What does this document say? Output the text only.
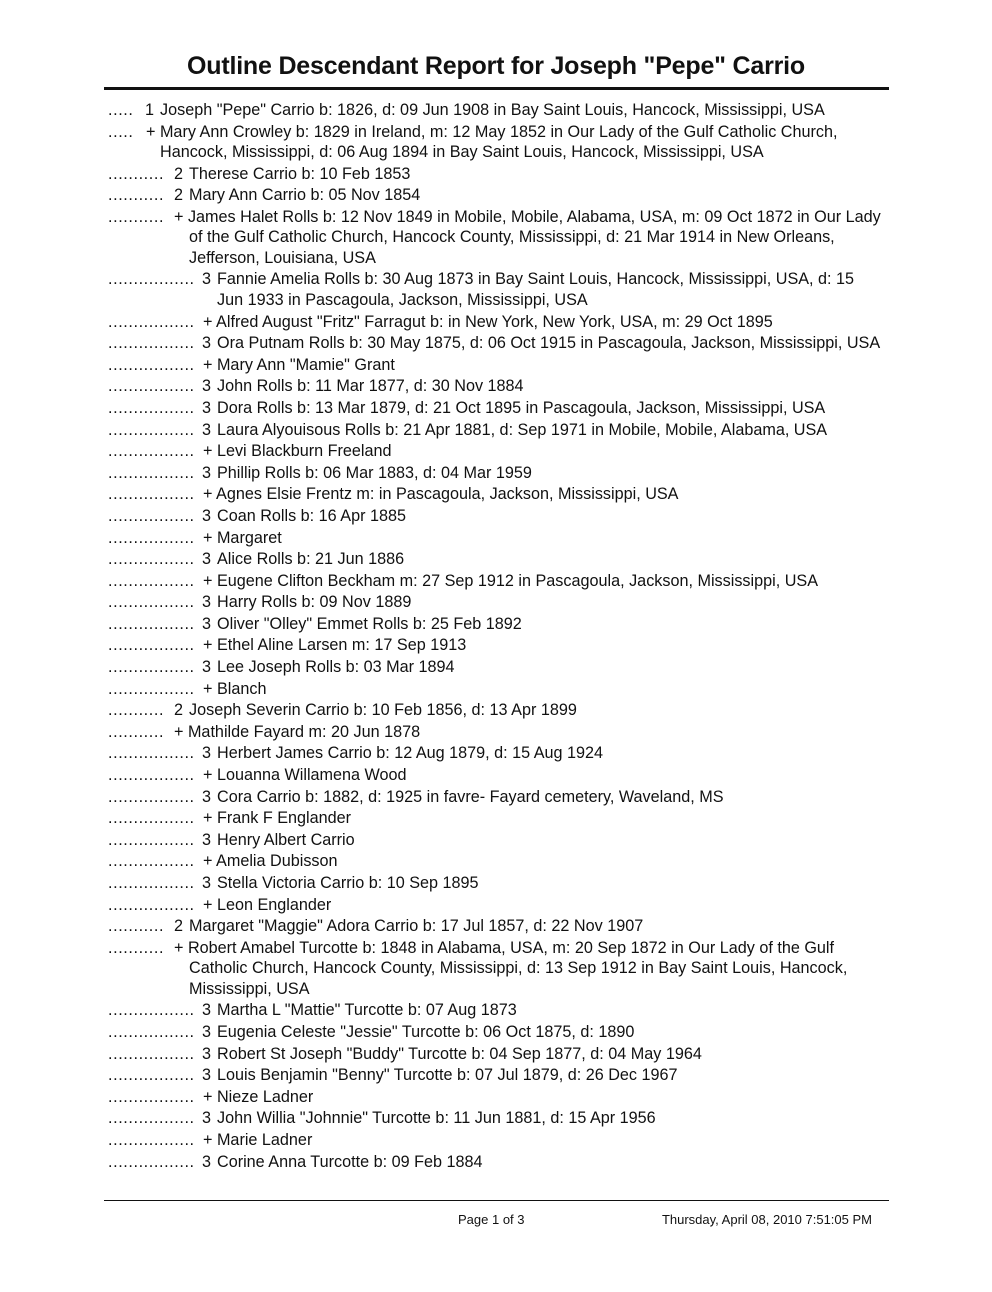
Outline Descendant Report for Joseph "Pepe" Carrio
..... 1 Joseph "Pepe" Carrio b: 1826, d: 09 Jun 1908 in Bay Saint Louis, Hancock, Mississippi, USA
..... + Mary Ann Crowley b: 1829 in Ireland, m: 12 May 1852 in Our Lady of the Gulf Catholic Church, Hancock, Mississippi, d: 06 Aug 1894 in Bay Saint Louis, Hancock, Mississippi, USA
........... 2 Therese Carrio b: 10 Feb 1853
........... 2 Mary Ann Carrio b: 05 Nov 1854
........... + James Halet Rolls b: 12 Nov 1849 in Mobile, Mobile, Alabama, USA, m: 09 Oct 1872 in Our Lady of the Gulf Catholic Church, Hancock County, Mississippi, d: 21 Mar 1914 in New Orleans, Jefferson, Louisiana, USA
................. 3 Fannie Amelia Rolls b: 30 Aug 1873 in Bay Saint Louis, Hancock, Mississippi, USA, d: 15 Jun 1933 in Pascagoula, Jackson, Mississippi, USA
................. + Alfred August "Fritz" Farragut b: in New York, New York, USA, m: 29 Oct 1895
................. 3 Ora Putnam Rolls b: 30 May 1875, d: 06 Oct 1915 in Pascagoula, Jackson, Mississippi, USA
................. + Mary Ann "Mamie" Grant
................. 3 John Rolls b: 11 Mar 1877, d: 30 Nov 1884
................. 3 Dora Rolls b: 13 Mar 1879, d: 21 Oct 1895 in Pascagoula, Jackson, Mississippi, USA
................. 3 Laura Alyouisous Rolls b: 21 Apr 1881, d: Sep 1971 in Mobile, Mobile, Alabama, USA
................. + Levi Blackburn Freeland
................. 3 Phillip Rolls b: 06 Mar 1883, d: 04 Mar 1959
................. + Agnes Elsie Frentz m: in Pascagoula, Jackson, Mississippi, USA
................. 3 Coan Rolls b: 16 Apr 1885
................. + Margaret
................. 3 Alice Rolls b: 21 Jun 1886
................. + Eugene Clifton Beckham m: 27 Sep 1912 in Pascagoula, Jackson, Mississippi, USA
................. 3 Harry Rolls b: 09 Nov 1889
................. 3 Oliver "Olley" Emmet Rolls b: 25 Feb 1892
................. + Ethel Aline Larsen m: 17 Sep 1913
................. 3 Lee Joseph Rolls b: 03 Mar 1894
................. + Blanch
........... 2 Joseph Severin Carrio b: 10 Feb 1856, d: 13 Apr 1899
........... + Mathilde Fayard m: 20 Jun 1878
................. 3 Herbert James Carrio b: 12 Aug 1879, d: 15 Aug 1924
................. + Louanna Willamena Wood
................. 3 Cora Carrio b: 1882, d: 1925 in favre- Fayard cemetery, Waveland, MS
................. + Frank F Englander
................. 3 Henry Albert Carrio
................. + Amelia Dubisson
................. 3 Stella Victoria Carrio b: 10 Sep 1895
................. + Leon Englander
........... 2 Margaret "Maggie" Adora Carrio b: 17 Jul 1857, d: 22 Nov 1907
........... + Robert Amabel Turcotte b: 1848 in Alabama, USA, m: 20 Sep 1872 in Our Lady of the Gulf Catholic Church, Hancock County, Mississippi, d: 13 Sep 1912 in Bay Saint Louis, Hancock, Mississippi, USA
................. 3 Martha L "Mattie" Turcotte b: 07 Aug 1873
................. 3 Eugenia Celeste "Jessie" Turcotte b: 06 Oct 1875, d: 1890
................. 3 Robert St Joseph "Buddy" Turcotte b: 04 Sep 1877, d: 04 May 1964
................. 3 Louis Benjamin "Benny" Turcotte b: 07 Jul 1879, d: 26 Dec 1967
................. + Nieze Ladner
................. 3 John Willia "Johnnie" Turcotte b: 11 Jun 1881, d: 15 Apr 1956
................. + Marie Ladner
................. 3 Corine Anna Turcotte b: 09 Feb 1884
Page 1 of 3	Thursday, April 08, 2010 7:51:05 PM
